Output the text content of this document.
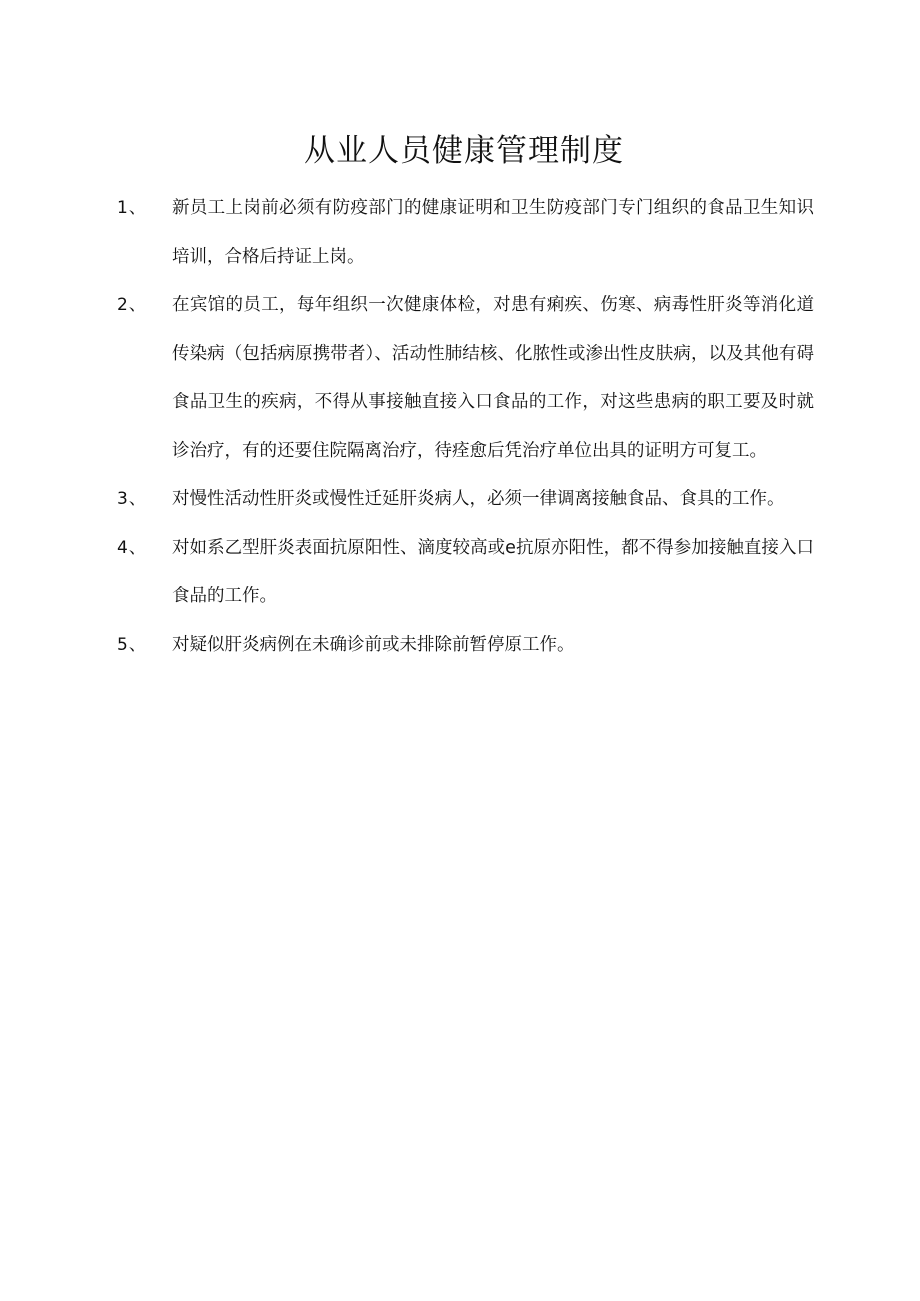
从业人员健康管理制度
1、 新员工上岗前必须有防疫部门的健康证明和卫生防疫部门专门组织的食品卫生知识培训，合格后持证上岗。
2、 在宾馆的员工，每年组织一次健康体检，对患有痢疾、伤寒、病毒性肝炎等消化道传染病（包括病原携带者）、活动性肺结核、化脓性或渗出性皮肤病，以及其他有碍食品卫生的疾病，不得从事接触直接入口食品的工作，对这些患病的职工要及时就诊治疗，有的还要住院隔离治疗，待痊愈后凭治疗单位出具的证明方可复工。
3、 对慢性活动性肝炎或慢性迁延肝炎病人，必须一律调离接触食品、食具的工作。
4、 对如系乙型肝炎表面抗原阳性、滴度较高或e抗原亦阳性，都不得参加接触直接入口食品的工作。
5、 对疑似肝炎病例在未确诊前或未排除前暂停原工作。
